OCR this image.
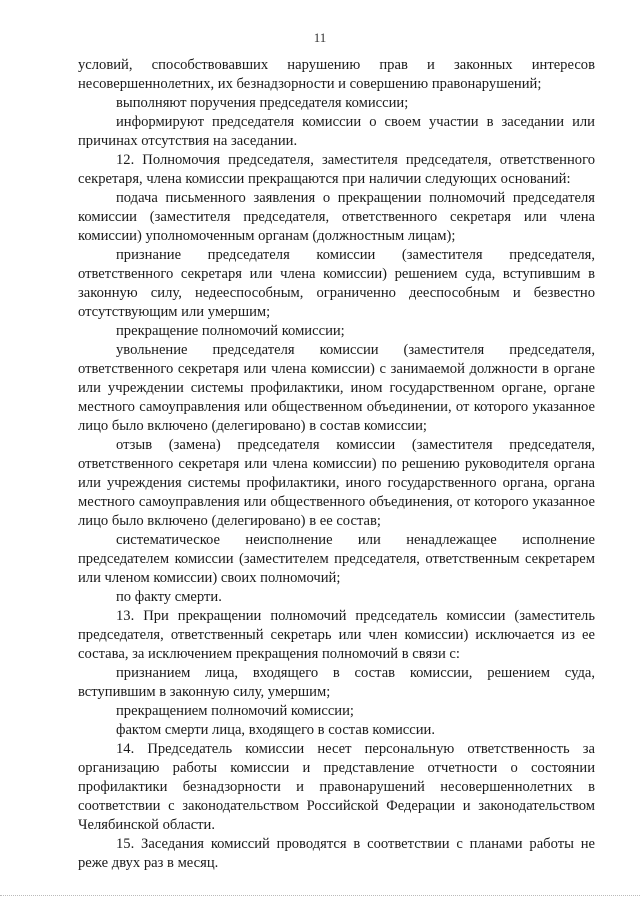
11

условий, способствовавших нарушению прав и законных интересов несовершеннолетних, их безнадзорности и совершению правонарушений;

выполняют поручения председателя комиссии;

информируют председателя комиссии о своем участии в заседании или причинах отсутствия на заседании.

12. Полномочия председателя, заместителя председателя, ответственного секретаря, члена комиссии прекращаются при наличии следующих оснований:

подача письменного заявления о прекращении полномочий председателя комиссии (заместителя председателя, ответственного секретаря или члена комиссии) уполномоченным органам (должностным лицам);

признание председателя комиссии (заместителя председателя, ответственного секретаря или члена комиссии) решением суда, вступившим в законную силу, недееспособным, ограниченно дееспособным и безвестно отсутствующим или умершим;

прекращение полномочий комиссии;

увольнение председателя комиссии (заместителя председателя, ответственного секретаря или члена комиссии) с занимаемой должности в органе или учреждении системы профилактики, ином государственном органе, органе местного самоуправления или общественном объединении, от которого указанное лицо было включено (делегировано) в состав комиссии;

отзыв (замена) председателя комиссии (заместителя председателя, ответственного секретаря или члена комиссии) по решению руководителя органа или учреждения системы профилактики, иного государственного органа, органа местного самоуправления или общественного объединения, от которого указанное лицо было включено (делегировано) в ее состав;

систематическое неисполнение или ненадлежащее исполнение председателем комиссии (заместителем председателя, ответственным секретарем или членом комиссии) своих полномочий;

по факту смерти.

13. При прекращении полномочий председатель комиссии (заместитель председателя, ответственный секретарь или член комиссии) исключается из ее состава, за исключением прекращения полномочий в связи с:

признанием лица, входящего в состав комиссии, решением суда, вступившим в законную силу, умершим;

прекращением полномочий комиссии;

фактом смерти лица, входящего в состав комиссии.

14. Председатель комиссии несет персональную ответственность за организацию работы комиссии и представление отчетности о состоянии профилактики безнадзорности и правонарушений несовершеннолетних в соответствии с законодательством Российской Федерации и законодательством Челябинской области.

15. Заседания комиссий проводятся в соответствии с планами работы не реже двух раз в месяц.
